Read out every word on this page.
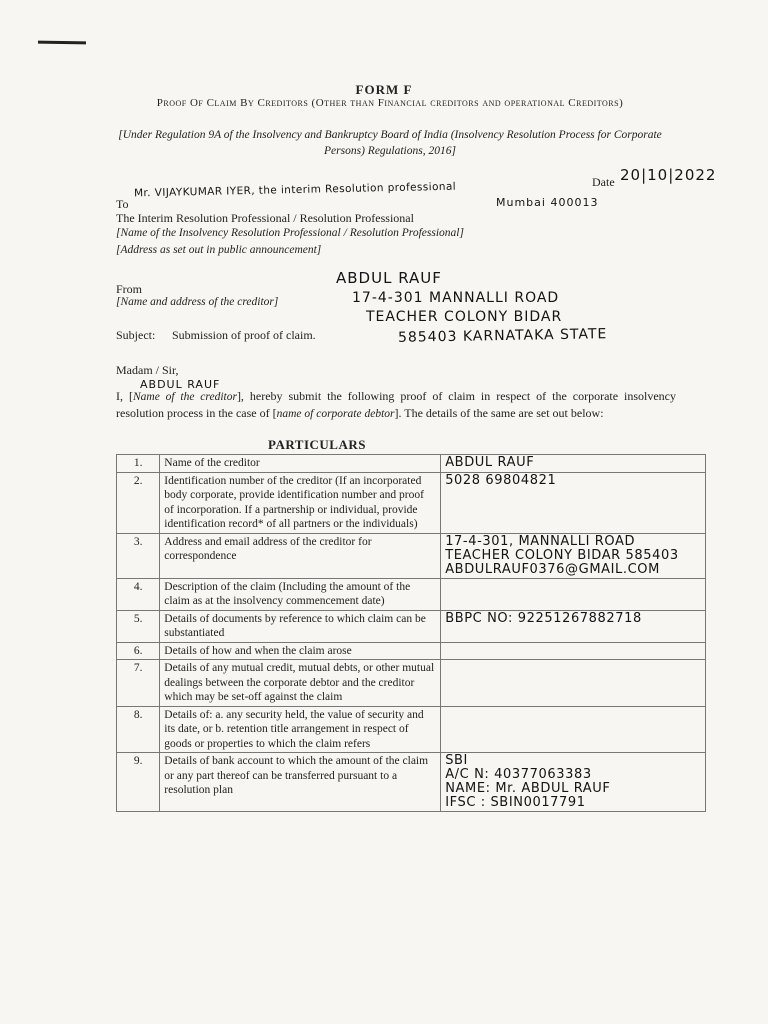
FORM F
Proof Of Claim By Creditors (Other than Financial creditors and operational Creditors)
[Under Regulation 9A of the Insolvency and Bankruptcy Board of India (Insolvency Resolution Process for Corporate Persons) Regulations, 2016]
Date 20|10|2022
To
Mr. VIJAYKUMAR IYER, the interim Resolution professional
Mumbai 400013
The Interim Resolution Professional / Resolution Professional
[Name of the Insolvency Resolution Professional / Resolution Professional]
[Address as set out in public announcement]
From
[Name and address of the creditor]
ABDUL RAUF
17-4-301 MANNALLI ROAD
TEACHER COLONY BIDAR
Subject: Submission of proof of claim.	585403 KARNATAKA STATE
Madam / Sir,
ABDUL RAUF
I, [Name of the creditor], hereby submit the following proof of claim in respect of the corporate insolvency resolution process in the case of [name of corporate debtor]. The details of the same are set out below:
PARTICULARS
1.	Name of the creditor	ABDUL RAUF

2.	Identification number of the creditor (If an incorporated body corporate, provide identification number and proof of incorporation. If a partnership or individual, provide identification record* of all partners or the individuals)	5028 69804821

3.	Address and email address of the creditor for correspondence	17-4-301, MANNALLI ROAD
TEACHER COLONY BIDAR 585403
ABDULRAUF0376@GMAIL.COM

4.	Description of the claim (Including the amount of the claim as at the insolvency commencement date)	
5.	Details of documents by reference to which claim can be substantiated	BBPC NO: 92251267882718

6.	Details of how and when the claim arose	
7.	Details of any mutual credit, mutual debts, or other mutual dealings between the corporate debtor and the creditor which may be set-off against the claim	
8.	Details of: a. any security held, the value of security and its date, or b. retention title arrangement in respect of goods or properties to which the claim refers	
9.	Details of bank account to which the amount of the claim or any part thereof can be transferred pursuant to a resolution plan	SBI
A/C N: 40377063383
NAME: Mr. ABDUL RAUF
IFSC : SBIN0017791
